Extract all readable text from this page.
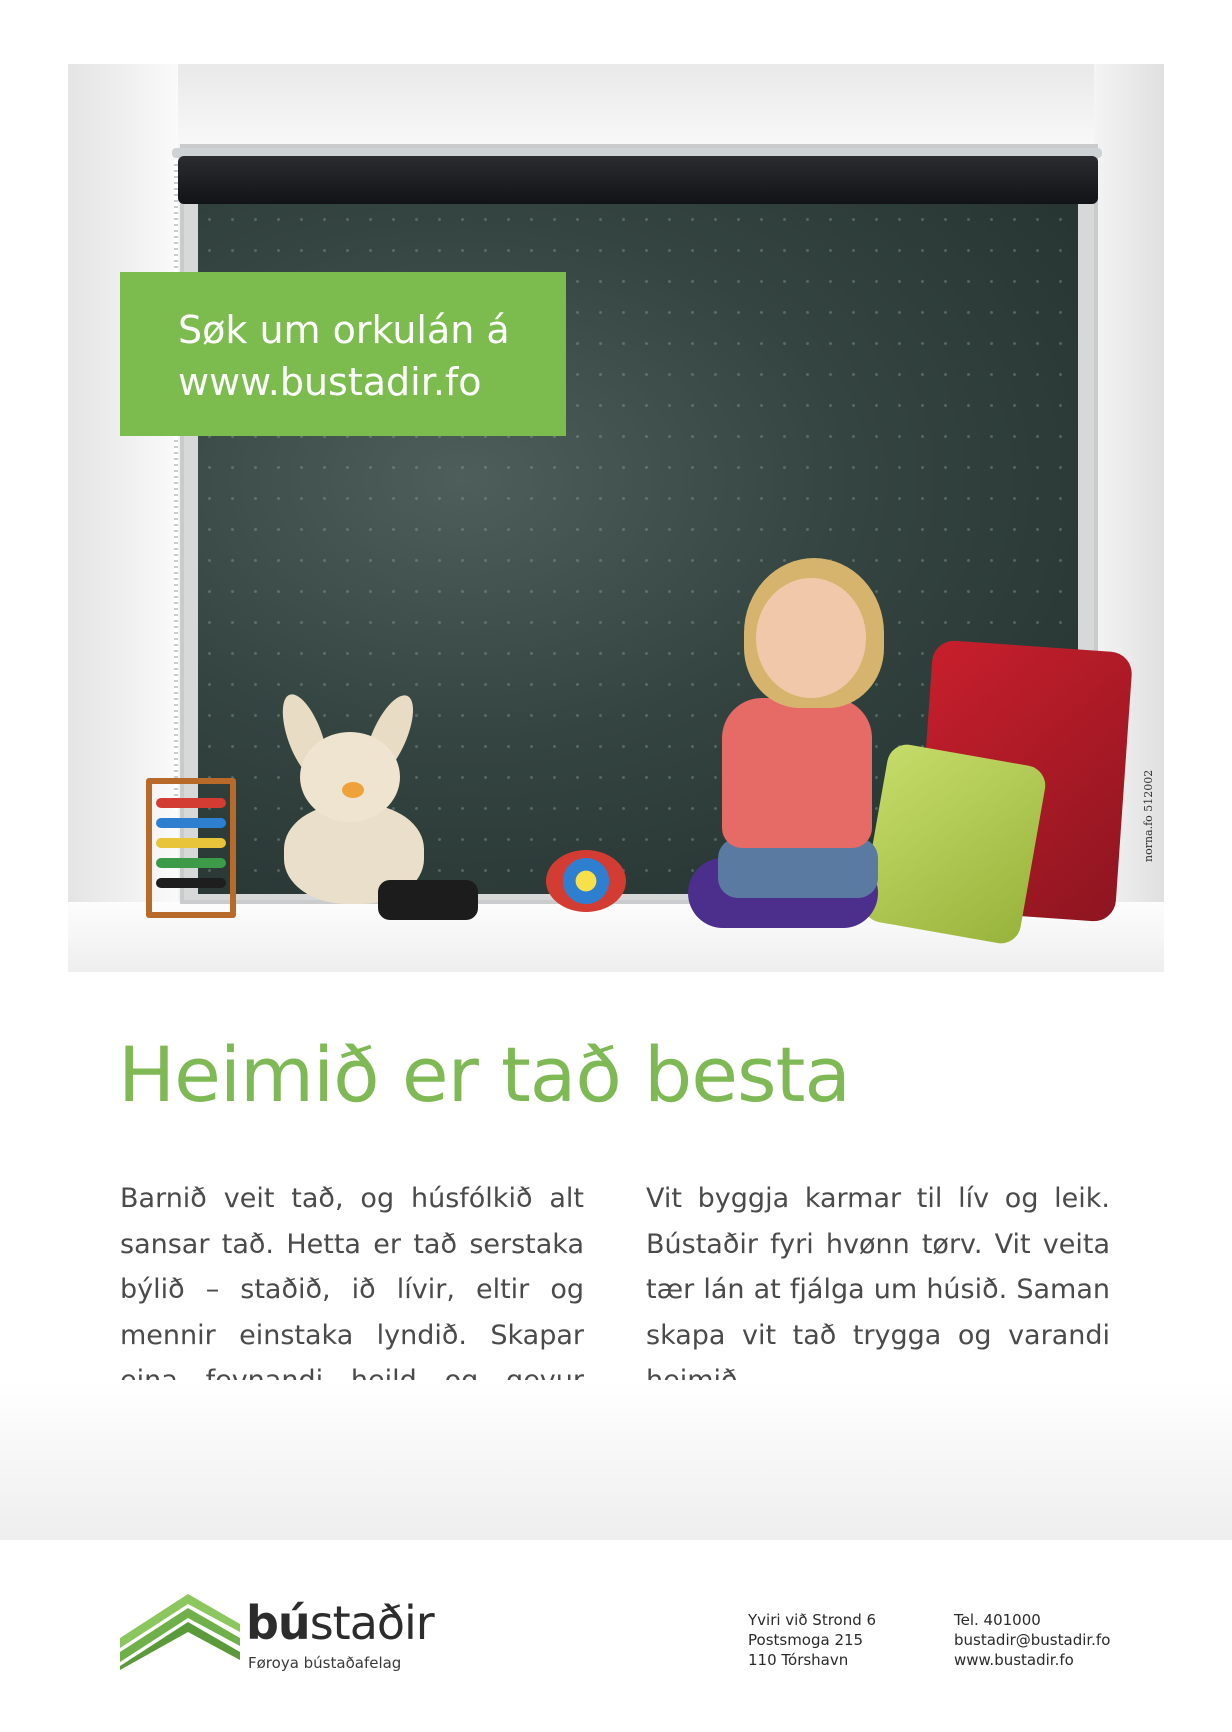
norna.fo 512002
Søk um orkulán á
www.bustadir.fo
Heimið er tað besta

Barnið veit tað, og húsfólkið alt sansar tað. Hetta er tað serstaka býlið – staðið, ið lívir, eltir og mennir einstaka lyndið. Skapar

Vit byggja karmar til lív og leik. Bústaðir fyri hvønn tørv. Vit veita tær lán at fjálga um húsið. Saman skapa vit tað trygga og varandi

bústaðir
Føroya bústaðafelag
Yviri við Strond 6
Postsmoga 215
110 Tórshavn
Tel. 401000
bustadir@bustadir.fo
www.bustadir.fo
